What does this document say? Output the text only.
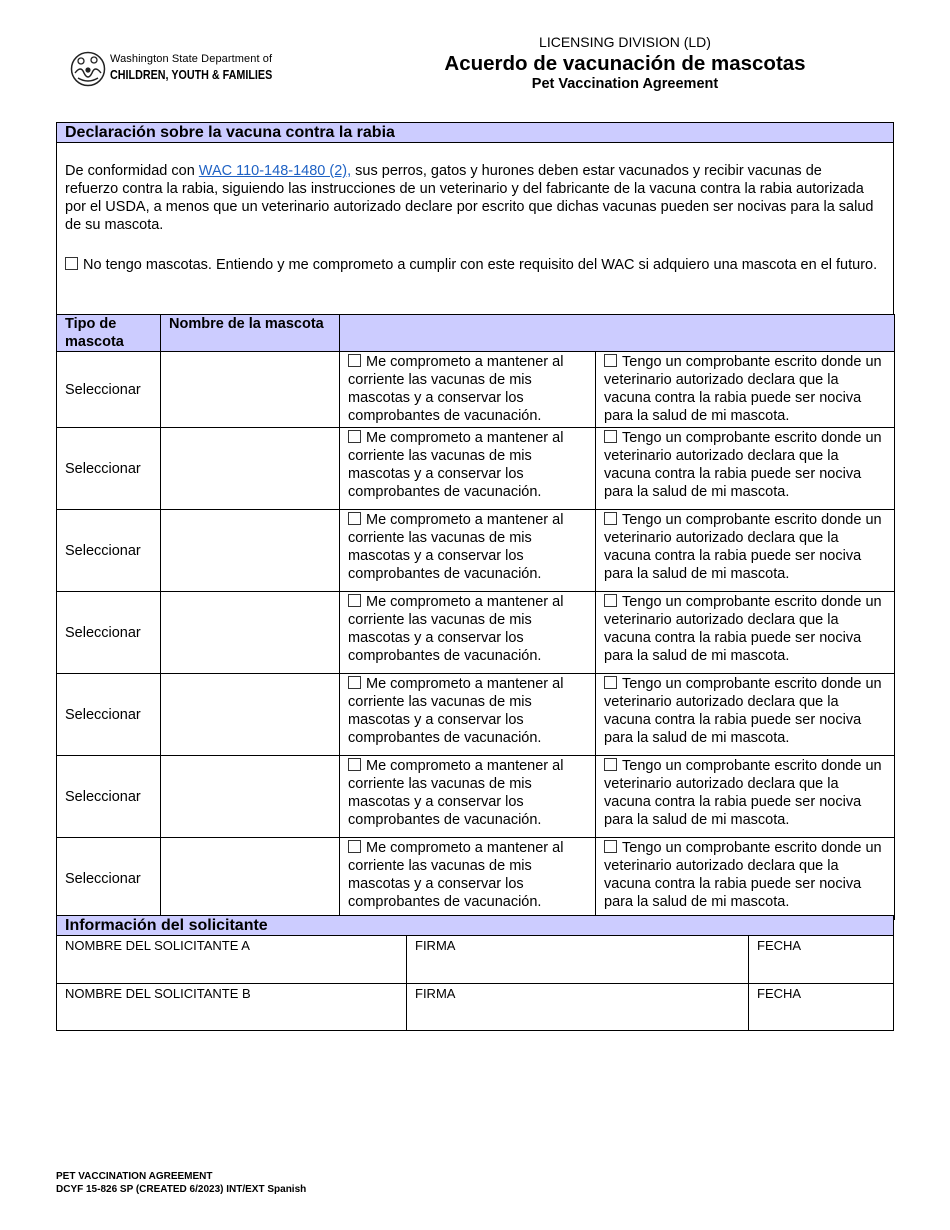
Washington State Department of
CHILDREN, YOUTH & FAMILIES
LICENSING DIVISION (LD)
Acuerdo de vacunación de mascotas
Pet Vaccination Agreement
Declaración sobre la vacuna contra la rabia
De conformidad con WAC 110-148-1480 (2), sus perros, gatos y hurones deben estar vacunados y recibir vacunas de refuerzo contra la rabia, siguiendo las instrucciones de un veterinario y del fabricante de la vacuna contra la rabia autorizada por el USDA, a menos que un veterinario autorizado declare por escrito que dichas vacunas pueden ser nocivas para la salud de su mascota.
No tengo mascotas. Entiendo y me comprometo a cumplir con este requisito del WAC si adquiero una mascota en el futuro.
Tipo de mascota	Nombre de la mascota		
Seleccionar		Me comprometo a mantener al corriente las vacunas de mis mascotas y a conservar los comprobantes de vacunación.	Tengo un comprobante escrito donde un veterinario autorizado declara que la vacuna contra la rabia puede ser nociva para la salud de mi mascota.
Seleccionar		Me comprometo a mantener al corriente las vacunas de mis mascotas y a conservar los comprobantes de vacunación.	Tengo un comprobante escrito donde un veterinario autorizado declara que la vacuna contra la rabia puede ser nociva para la salud de mi mascota.
Seleccionar		Me comprometo a mantener al corriente las vacunas de mis mascotas y a conservar los comprobantes de vacunación.	Tengo un comprobante escrito donde un veterinario autorizado declara que la vacuna contra la rabia puede ser nociva para la salud de mi mascota.
Seleccionar		Me comprometo a mantener al corriente las vacunas de mis mascotas y a conservar los comprobantes de vacunación.	Tengo un comprobante escrito donde un veterinario autorizado declara que la vacuna contra la rabia puede ser nociva para la salud de mi mascota.
Seleccionar		Me comprometo a mantener al corriente las vacunas de mis mascotas y a conservar los comprobantes de vacunación.	Tengo un comprobante escrito donde un veterinario autorizado declara que la vacuna contra la rabia puede ser nociva para la salud de mi mascota.
Seleccionar		Me comprometo a mantener al corriente las vacunas de mis mascotas y a conservar los comprobantes de vacunación.	Tengo un comprobante escrito donde un veterinario autorizado declara que la vacuna contra la rabia puede ser nociva para la salud de mi mascota.
Seleccionar		Me comprometo a mantener al corriente las vacunas de mis mascotas y a conservar los comprobantes de vacunación.	Tengo un comprobante escrito donde un veterinario autorizado declara que la vacuna contra la rabia puede ser nociva para la salud de mi mascota.
Información del solicitante
NOMBRE DEL SOLICITANTE A	FIRMA	FECHA
NOMBRE DEL SOLICITANTE B	FIRMA	FECHA
PET VACCINATION AGREEMENT
DCYF 15-826 SP (CREATED 6/2023) INT/EXT Spanish
